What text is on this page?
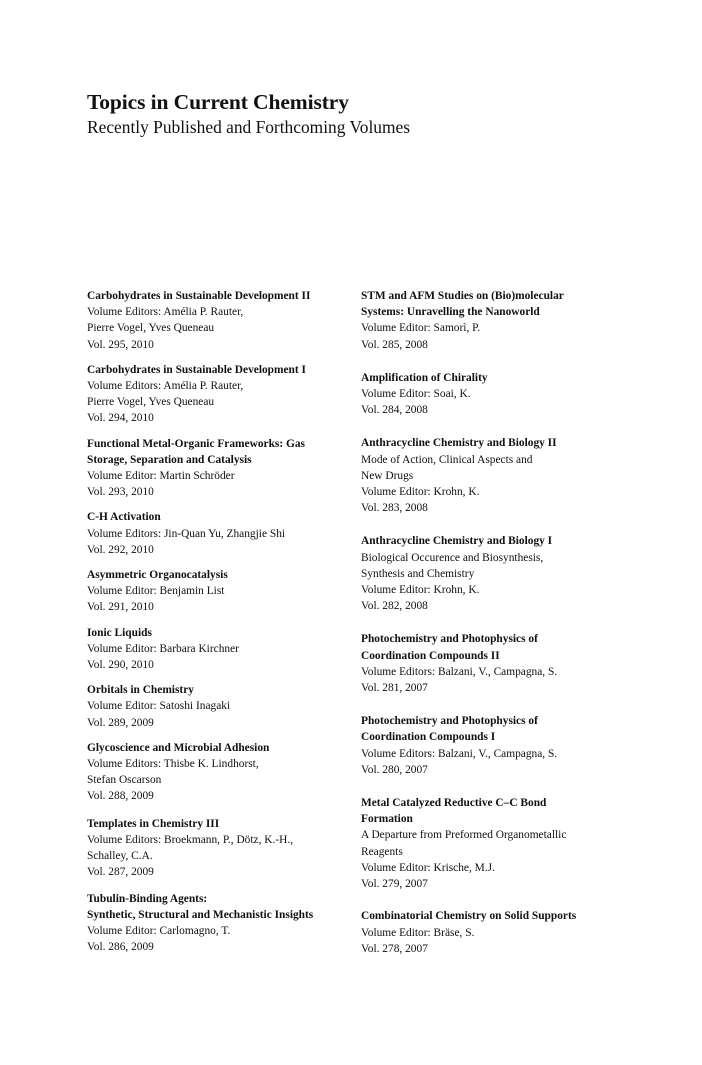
Topics in Current Chemistry
Recently Published and Forthcoming Volumes
Carbohydrates in Sustainable Development II
Volume Editors: Amélia P. Rauter,
Pierre Vogel, Yves Queneau
Vol. 295, 2010
Carbohydrates in Sustainable Development I
Volume Editors: Amélia P. Rauter,
Pierre Vogel, Yves Queneau
Vol. 294, 2010
Functional Metal-Organic Frameworks: Gas
Storage, Separation and Catalysis
Volume Editor: Martin Schröder
Vol. 293, 2010
C-H Activation
Volume Editors: Jin-Quan Yu, Zhangjie Shi
Vol. 292, 2010
Asymmetric Organocatalysis
Volume Editor: Benjamin List
Vol. 291, 2010
Ionic Liquids
Volume Editor: Barbara Kirchner
Vol. 290, 2010
Orbitals in Chemistry
Volume Editor: Satoshi Inagaki
Vol. 289, 2009
Glycoscience and Microbial Adhesion
Volume Editors: Thisbe K. Lindhorst,
Stefan Oscarson
Vol. 288, 2009
Templates in Chemistry III
Volume Editors: Broekmann, P., Dötz, K.-H.,
Schalley, C.A.
Vol. 287, 2009
Tubulin-Binding Agents:
Synthetic, Structural and Mechanistic Insights
Volume Editor: Carlomagno, T.
Vol. 286, 2009
STM and AFM Studies on (Bio)molecular
Systems: Unravelling the Nanoworld
Volume Editor: Samorì, P.
Vol. 285, 2008
Amplification of Chirality
Volume Editor: Soai, K.
Vol. 284, 2008
Anthracycline Chemistry and Biology II
Mode of Action, Clinical Aspects and
New Drugs
Volume Editor: Krohn, K.
Vol. 283, 2008
Anthracycline Chemistry and Biology I
Biological Occurence and Biosynthesis,
Synthesis and Chemistry
Volume Editor: Krohn, K.
Vol. 282, 2008
Photochemistry and Photophysics of
Coordination Compounds II
Volume Editors: Balzani, V., Campagna, S.
Vol. 281, 2007
Photochemistry and Photophysics of
Coordination Compounds I
Volume Editors: Balzani, V., Campagna, S.
Vol. 280, 2007
Metal Catalyzed Reductive C–C Bond
Formation
A Departure from Preformed Organometallic
Reagents
Volume Editor: Krische, M.J.
Vol. 279, 2007
Combinatorial Chemistry on Solid Supports
Volume Editor: Bräse, S.
Vol. 278, 2007
